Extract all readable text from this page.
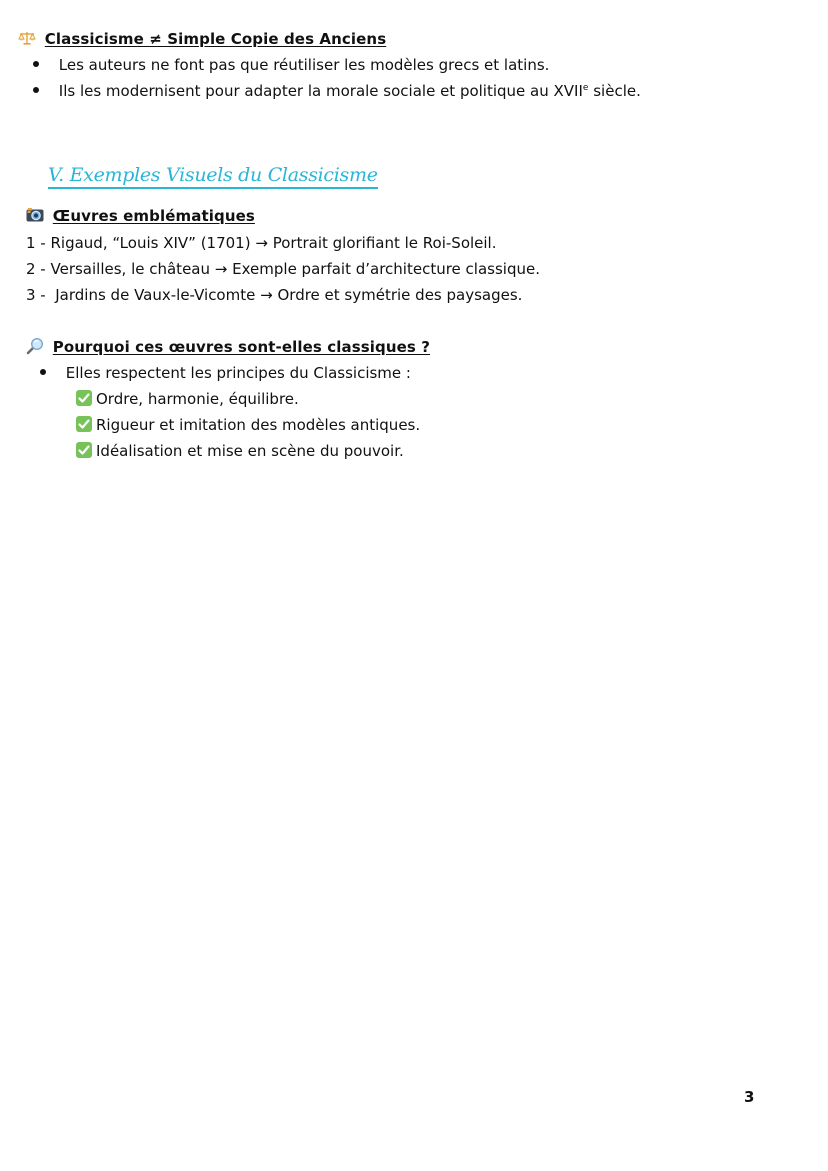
Classicisme ≠ Simple Copie des Anciens
Les auteurs ne font pas que réutiliser les modèles grecs et latins.
Ils les modernisent pour adapter la morale sociale et politique au XVIIe siècle.
V. Exemples Visuels du Classicisme
Œuvres emblématiques
1 - Rigaud, “Louis XIV” (1701) → Portrait glorifiant le Roi-Soleil.
2 - Versailles, le château → Exemple parfait d’architecture classique.
3 -  Jardins de Vaux-le-Vicomte → Ordre et symétrie des paysages.
Pourquoi ces œuvres sont-elles classiques ?
Elles respectent les principes du Classicisme :
Ordre, harmonie, équilibre.
Rigueur et imitation des modèles antiques.
Idéalisation et mise en scène du pouvoir.
3
